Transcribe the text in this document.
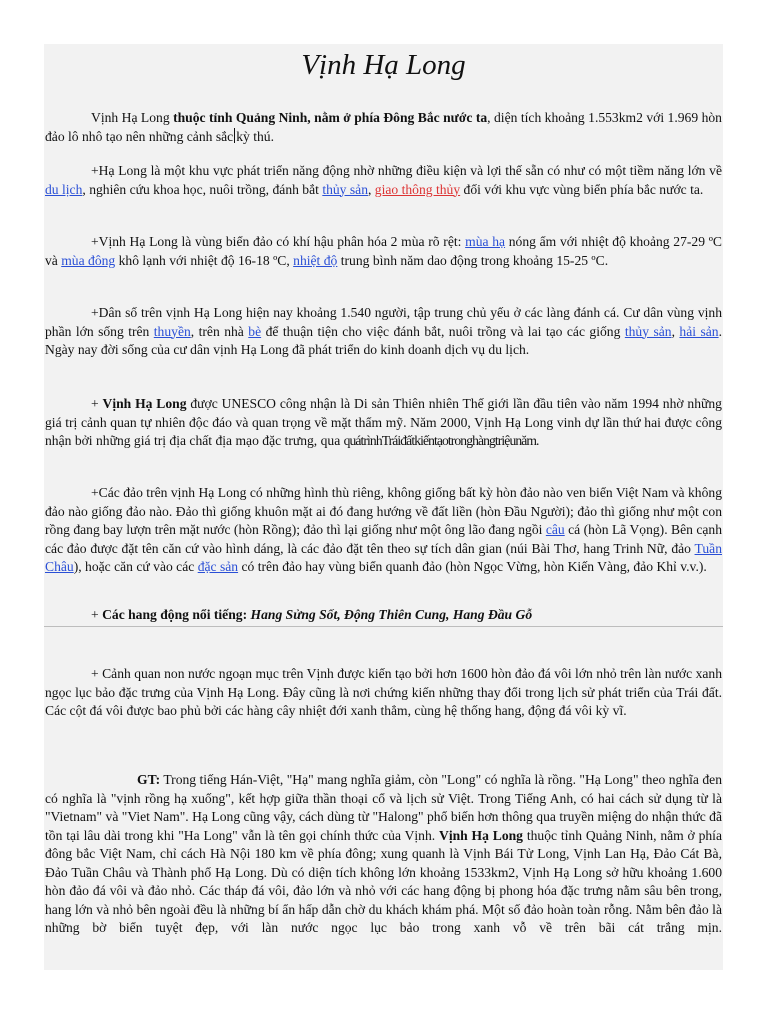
Vịnh Hạ Long

Vịnh Hạ Long thuộc tỉnh Quảng Ninh, nằm ở phía Đông Bắc nước ta, diện tích khoảng 1.553km2 với 1.969 hòn đảo lô nhô tạo nên những cảnh sắc kỳ thú.

+Hạ Long là một khu vực phát triển năng động nhờ những điều kiện và lợi thế sẵn có như có một tiềm năng lớn về du lịch, nghiên cứu khoa học, nuôi trồng, đánh bắt thủy sản, giao thông thủy đối với khu vực vùng biển phía bắc nước ta.

+Vịnh Hạ Long là vùng biển đảo có khí hậu phân hóa 2 mùa rõ rệt: mùa hạ nóng ẩm với nhiệt độ khoảng 27-29 ºC và mùa đông khô lạnh với nhiệt độ 16-18 ºC, nhiệt độ trung bình năm dao động trong khoảng 15-25 ºC.

+Dân số trên vịnh Hạ Long hiện nay khoảng 1.540 người, tập trung chủ yếu ở các làng đánh cá. Cư dân vùng vịnh phần lớn sống trên thuyền, trên nhà bè để thuận tiện cho việc đánh bắt, nuôi trồng và lai tạo các giống thủy sản, hải sản. Ngày nay đời sống của cư dân vịnh Hạ Long đã phát triển do kinh doanh dịch vụ du lịch.

+ Vịnh Hạ Long được UNESCO công nhận là Di sản Thiên nhiên Thế giới lần đầu tiên vào năm 1994 nhờ những giá trị cảnh quan tự nhiên độc đáo và quan trọng về mặt thẩm mỹ. Năm 2000, Vịnh Hạ Long vinh dự lần thứ hai được công nhận bởi những giá trị địa chất địa mạo đặc trưng, qua quátrìnhTráiđấtkiếntạotronghàngtriệunăm.

+Các đảo trên vịnh Hạ Long có những hình thù riêng, không giống bất kỳ hòn đảo nào ven biển Việt Nam và không đảo nào giống đảo nào. Đảo thì giống khuôn mặt ai đó đang hướng về đất liền (hòn Đầu Người); đảo thì giống như một con rồng đang bay lượn trên mặt nước (hòn Rồng); đảo thì lại giống như một ông lão đang ngồi câu cá (hòn Lã Vọng). Bên cạnh các đảo được đặt tên căn cứ vào hình dáng, là các đảo đặt tên theo sự tích dân gian (núi Bài Thơ, hang Trinh Nữ, đảo Tuần Châu), hoặc căn cứ vào các đặc sản có trên đảo hay vùng biển quanh đảo (hòn Ngọc Vừng, hòn Kiến Vàng, đảo Khỉ v.v.).

+ Các hang động nổi tiếng: Hang Sửng Sốt, Động Thiên Cung, Hang Đầu Gỗ

+ Cảnh quan non nước ngoạn mục trên Vịnh được kiến tạo bởi hơn 1600 hòn đảo đá vôi lớn nhỏ trên làn nước xanh ngọc lục bảo đặc trưng của Vịnh Hạ Long. Đây cũng là nơi chứng kiến những thay đổi trong lịch sử phát triển của Trái đất. Các cột đá vôi được bao phủ bởi các hàng cây nhiệt đới xanh thẳm, cùng hệ thống hang, động đá vôi kỳ vĩ.

GT: Trong tiếng Hán-Việt, "Hạ" mang nghĩa giảm, còn "Long" có nghĩa là rồng. "Hạ Long" theo nghĩa đen có nghĩa là "vịnh rồng hạ xuống", kết hợp giữa thần thoại cổ và lịch sử Việt. Trong Tiếng Anh, có hai cách sử dụng từ là "Vietnam" và "Viet Nam". Hạ Long cũng vậy, cách dùng từ "Halong" phổ biến hơn thông qua truyền miệng do nhận thức đã tồn tại lâu dài trong khi "Ha Long" vẫn là tên gọi chính thức của Vịnh. Vịnh Hạ Long thuộc tỉnh Quảng Ninh, nằm ở phía đông bắc Việt Nam, chỉ cách Hà Nội 180 km về phía đông; xung quanh là Vịnh Bái Tử Long, Vịnh Lan Hạ, Đảo Cát Bà, Đảo Tuần Châu và Thành phố Hạ Long. Dù có diện tích không lớn khoảng 1533km2, Vịnh Hạ Long sở hữu khoảng 1.600 hòn đảo đá vôi và đảo nhỏ. Các tháp đá vôi, đảo lớn và nhỏ với các hang động bị phong hóa đặc trưng nằm sâu bên trong, hang lớn và nhỏ bên ngoài đều là những bí ẩn hấp dẫn chờ du khách khám phá. Một số đảo hoàn toàn rỗng. Nằm bên đảo là những bờ biển tuyệt đẹp, với làn nước ngọc lục bảo trong xanh vỗ về trên bãi cát trắng mịn.
